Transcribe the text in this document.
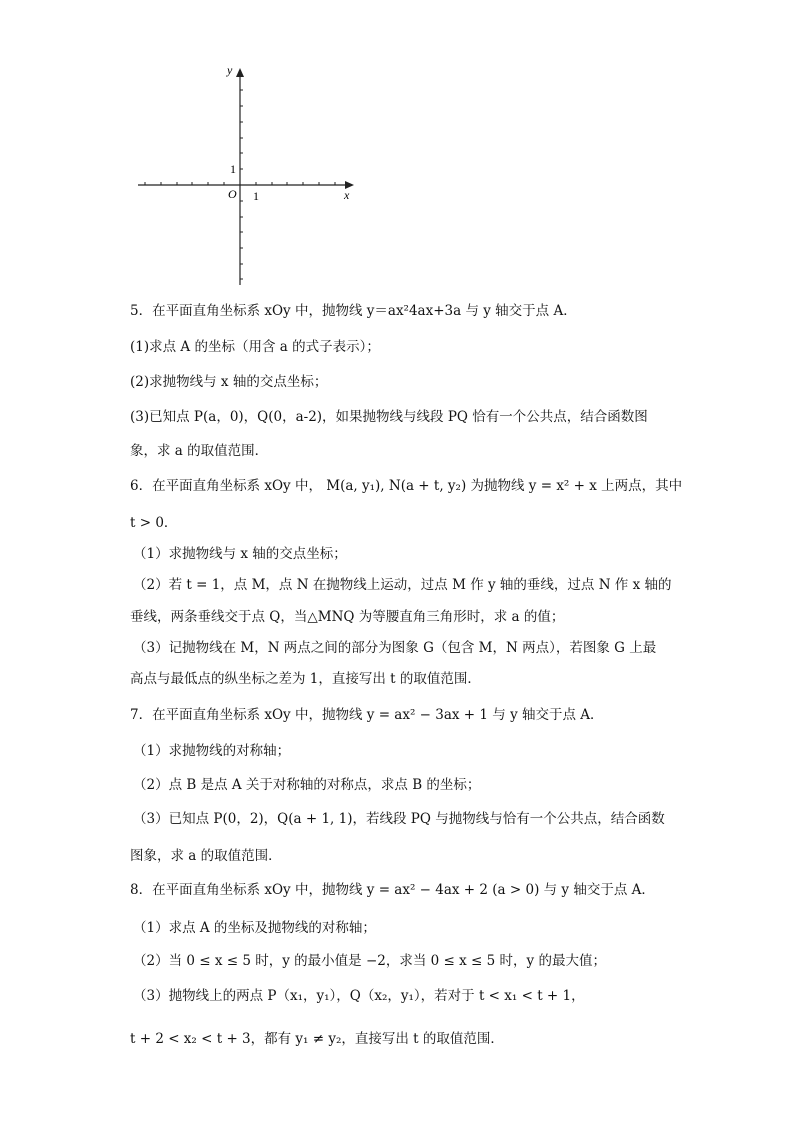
y
x
O 1
1
5．在平面直角坐标系 xOy 中，抛物线 y＝ax²4ax+3a 与 y 轴交于点 A．
(1)求点 A 的坐标（用含 a 的式子表示）；
(2)求抛物线与 x 轴的交点坐标；
(3)已知点 P(a，0)，Q(0，a-2)，如果抛物线与线段 PQ 恰有一个公共点，结合函数图
象，求 a 的取值范围．
6．在平面直角坐标系 xOy 中， M(a, y₁), N(a + t, y₂) 为抛物线 y = x² + x 上两点，其中
t > 0．
（1）求抛物线与 x 轴的交点坐标；
（2）若 t = 1，点 M，点 N 在抛物线上运动，过点 M 作 y 轴的垂线，过点 N 作 x 轴的
垂线，两条垂线交于点 Q，当△MNQ 为等腰直角三角形时，求 a 的值；
（3）记抛物线在 M，N 两点之间的部分为图象 G（包含 M，N 两点），若图象 G 上最
高点与最低点的纵坐标之差为 1，直接写出 t 的取值范围．
7．在平面直角坐标系 xOy 中，抛物线 y = ax² − 3ax + 1 与 y 轴交于点 A．
（1）求抛物线的对称轴；
（2）点 B 是点 A 关于对称轴的对称点，求点 B 的坐标；
（3）已知点 P(0，2)，Q(a + 1, 1)，若线段 PQ 与抛物线与恰有一个公共点，结合函数
图象，求 a 的取值范围．
8．在平面直角坐标系 xOy 中，抛物线 y = ax² − 4ax + 2 (a > 0) 与 y 轴交于点 A．
（1）求点 A 的坐标及抛物线的对称轴；
（2）当 0 ≤ x ≤ 5 时，y 的最小值是 −2，求当 0 ≤ x ≤ 5 时，y 的最大值；
（3）抛物线上的两点 P（x₁，y₁），Q（x₂，y₁），若对于 t < x₁ < t + 1，
t + 2 < x₂ < t + 3，都有 y₁ ≠ y₂，直接写出 t 的取值范围．
